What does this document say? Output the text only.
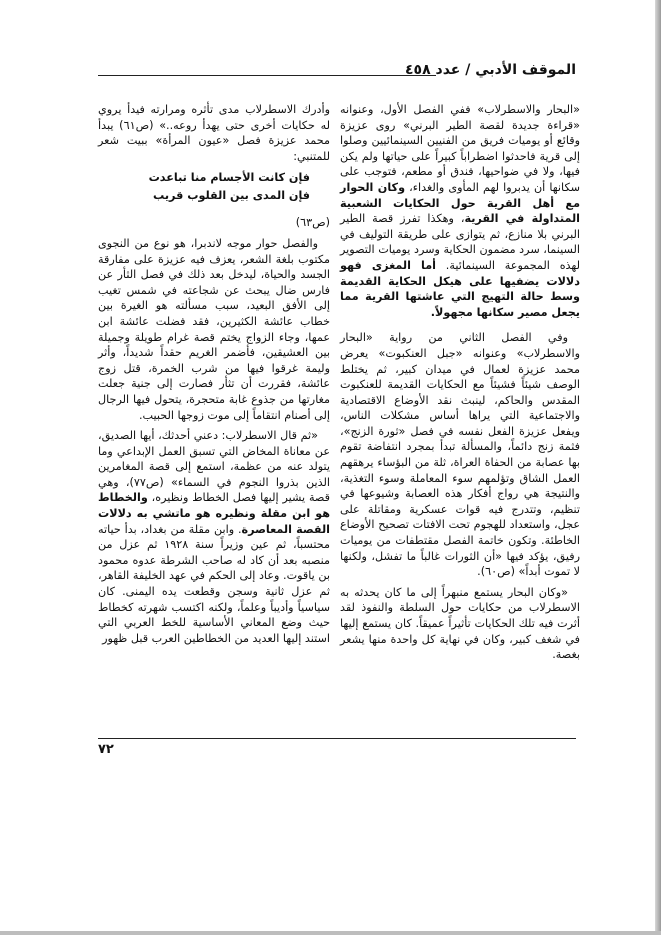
الموقف الأدبي / عدد ٤٥٨

«البحار والاسطرلاب» ففي الفصل الأول، وعنوانه «قراءة جديدة لقصة الطير البرني» روى عزيزة وقائع أو يوميات فريق من الفنيين السينمائيين وصلوا إلى قرية فاحدثوا اضطراباً كبيراً على حياتها ولم يكن فيها، ولا في ضواحيها، فندق أو مطعم، فتوجب على سكانها أن يدبروا لهم المأوى والغداء، وكان الحوار مع أهل القرية حول الحكايات الشعبية المتداولة في القرية، وهكذا تفرز قصة الطير البرني بلا منازع، ثم يتوازى على طريقة التوليف في السينما، سرد مضمون الحكاية وسرد يوميات التصوير لهذه المجموعة السينمائية. أما المغزى فهو دلالات يضفيها على هيكل الحكاية القديمة وسط حالة التهيج التي عاشتها القرية مما يجعل مصير سكانها مجهولاً.

وفي الفصل الثاني من رواية «البحار والاسطرلاب» وعنوانه «جبل العنكبوت» يعرض محمد عزيزة لعمال في ميدان كبير، ثم يختلط الوصف شيئاً فشيئاً مع الحكايات القديمة للعنكبوت المقدس والحاكم، لينبث نقد الأوضاع الاقتصادية والاجتماعية التي يراها أساس مشكلات الناس، ويفعل عزيزة الفعل نفسه في فصل «ثورة الزنج»، فثمة زنج دائماً، والمسألة تبدأ بمجرد انتفاضة تقوم بها عصابة من الحفاة العراة، ثلة من البؤساء يرهقهم العمل الشاق وتؤلمهم سوء المعاملة وسوء التغذية، والنتيجة هي رواج أفكار هذه العصابة وشيوعها في تنظيم، وتتدرج فيه قوات عسكرية ومقاتلة على عجل، واستعداد للهجوم تحت الافتات تصحيح الأوضاع الخاطئة. وتكون خاتمة الفصل مقتطفات من يوميات رفيق، يؤكد فيها «أن الثورات غالباً ما تفشل، ولكنها لا تموت أبداً» (ص٦٠).

«وكان البحار يستمع منبهراً إلى ما كان يحدثه به الاسطرلاب من حكايات حول السلطة والنفوذ لقد أثرت فيه تلك الحكايات تأثيراً عميقاً. كان يستمع إليها في شغف كبير، وكان في نهاية كل واحدة منها يشعر بغصة.

وأدرك الاسطرلاب مدى تأثره ومرارته فيدأ يروي له حكايات أخرى حتى يهدأ روعه..» (ص٦١) يبدأ محمد عزيزة فصل «عيون المرأة» ببيت شعر للمتنبي:

فإن كانت الأجسام منا تباعدت
فإن المدى بين القلوب قريب

(ص٦٣)

والفصل حوار موجه لاندبرا، هو نوع من النجوى مكتوب بلغة الشعر، يعزف فيه عزيزة على مفارقة الجسد والحياة، ليدخل بعد ذلك في فصل الثأر عن فارس ضال يبحث عن شجاعته في شمس تغيب إلى الأفق البعيد، سبب مسألته هو الغيرة بين خطاب عائشة الكثيرين، فقد فضلت عائشة ابن عمها، وجاء الزواج يختم قصة غرام طويلة وجميلة بين العشيقين، فأضمر الغريم حقداً شديداً، وأثر وليمة غرقوا فيها من شرب الخمرة، قتل زوج عائشة، فقررت أن تثأر فصارت إلى جنية جعلت مغارتها من جذوع غابة متحجرة، يتحول فيها الرجال إلى أصنام انتقاماً إلى موت زوجها الحبيب.

«ثم قال الاسطرلاب: دعني أحدثك، أيها الصديق، عن معاناة المخاض التي تسبق العمل الإبداعي وما يتولد عنه من عظمة، استمع إلى قصة المغامرين الذين بذروا النجوم في السماء» (ص٧٧)، وهي قصة يشير إليها فصل الخطاط ونظيره، والخطاط هو ابن مقلة ونظيره هو ماتشي به دلالات القصة المعاصرة. وابن مقلة من بغداد، بدأ حياته محتسباً، ثم عين وزيراً سنة ١٩٢٨ ثم عزل من منصبه بعد أن كاد له صاحب الشرطة عدوه محمود بن ياقوت. وعاد إلى الحكم في عهد الخليفة القاهر، ثم عزل ثانية وسجن وقطعت يده اليمنى. كان سياسياً وأديباً وعلماً، ولكنه اكتسب شهرته كخطاط حيث وضع المعاني الأساسية للخط العربي التي استند إليها العديد من الخطاطين العرب قبل ظهور

٧٢
